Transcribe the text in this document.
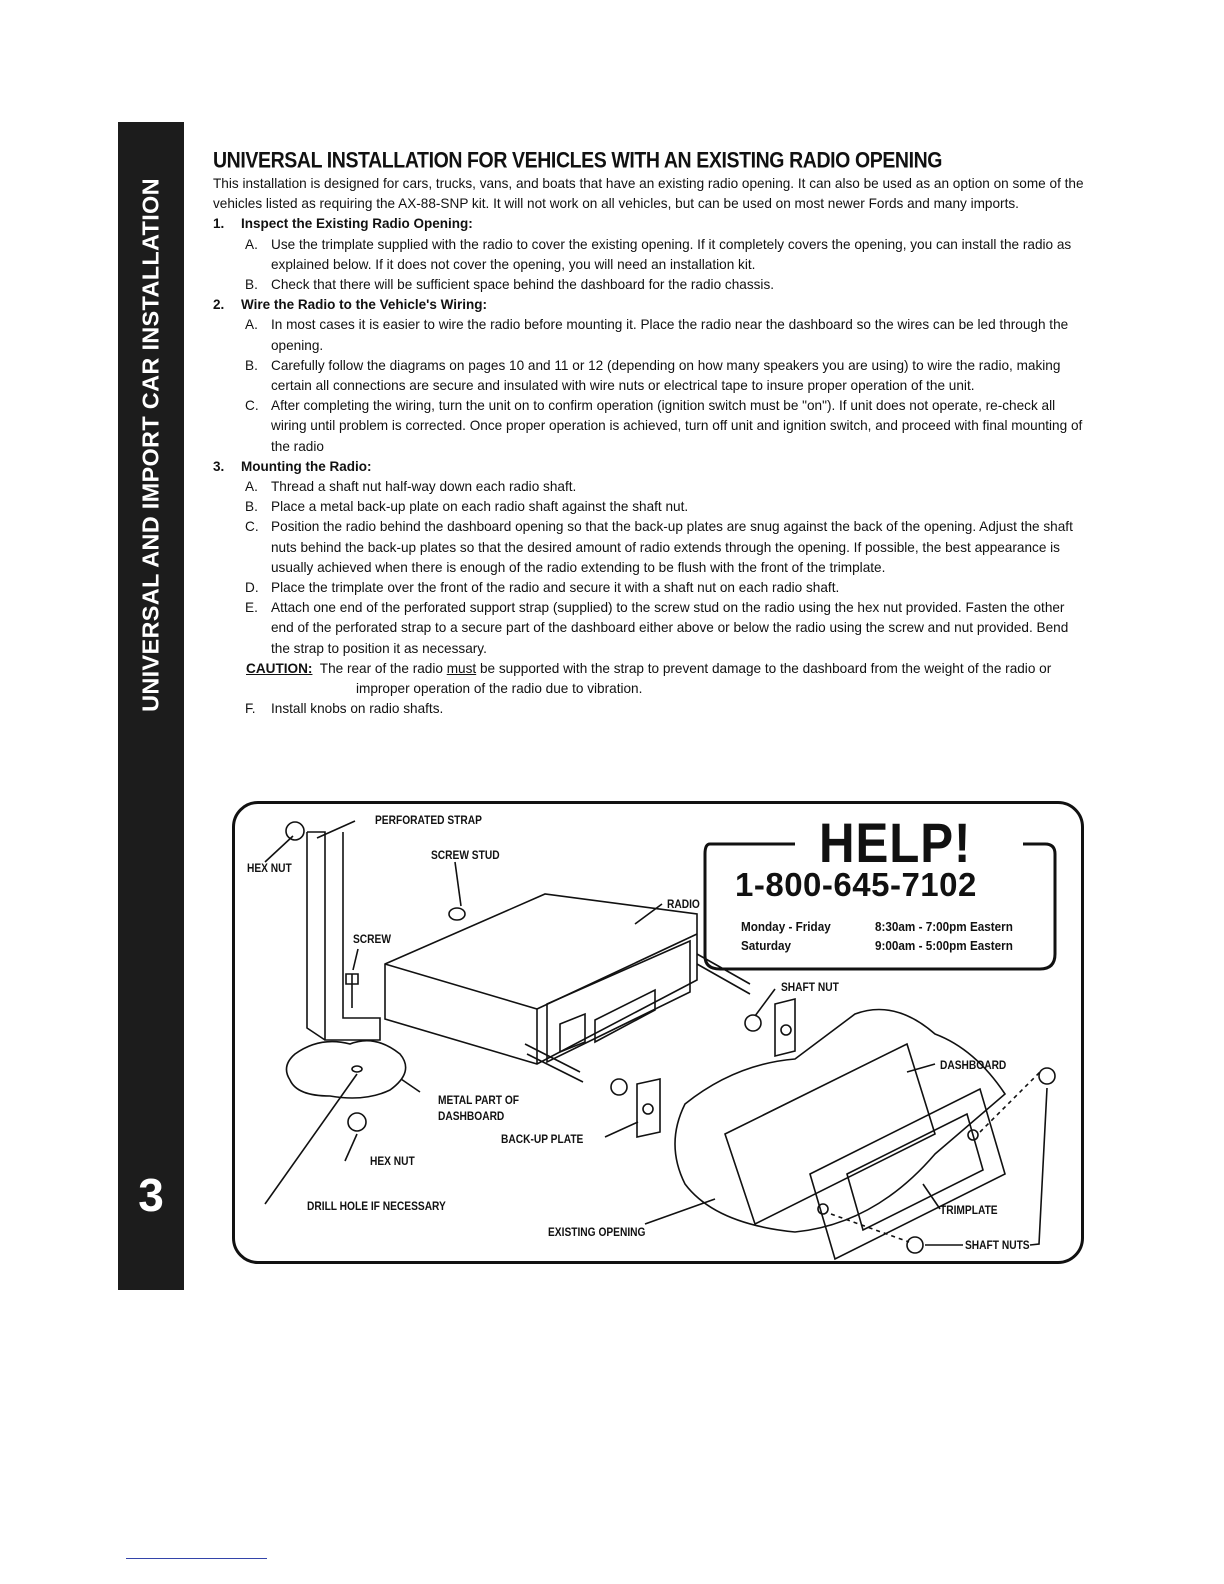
UNIVERSAL AND IMPORT CAR INSTALLATION
3
UNIVERSAL INSTALLATION FOR VEHICLES WITH AN EXISTING RADIO OPENING

This installation is designed for cars, trucks, vans, and boats that have an existing radio opening. It can also be used as an option on some of the vehicles listed as requiring the AX-88-SNP kit. It will not work on all vehicles, but can be used on most newer Fords and many imports.

1. Inspect the Existing Radio Opening:

A. Use the trimplate supplied with the radio to cover the existing opening. If it completely covers the opening, you can install the radio as explained below. If it does not cover the opening, you will need an installation kit.

B. Check that there will be sufficient space behind the dashboard for the radio chassis.

2. Wire the Radio to the Vehicle's Wiring:

A. In most cases it is easier to wire the radio before mounting it. Place the radio near the dashboard so the wires can be led through the opening.

B. Carefully follow the diagrams on pages 10 and 11 or 12 (depending on how many speakers you are using) to wire the radio, making certain all connections are secure and insulated with wire nuts or electrical tape to insure proper operation of the unit.

C. After completing the wiring, turn the unit on to confirm operation (ignition switch must be "on"). If unit does not operate, re-check all wiring until problem is corrected. Once proper operation is achieved, turn off unit and ignition switch, and proceed with final mounting of the radio

3. Mounting the Radio:

A. Thread a shaft nut half-way down each radio shaft.

B. Place a metal back-up plate on each radio shaft against the shaft nut.

C. Position the radio behind the dashboard opening so that the back-up plates are snug against the back of the opening. Adjust the shaft nuts behind the back-up plates so that the desired amount of radio extends through the opening. If possible, the best appearance is usually achieved when there is enough of the radio extending to be flush with the front of the trimplate.

D. Place the trimplate over the front of the radio and secure it with a shaft nut on each radio shaft.

E. Attach one end of the perforated support strap (supplied) to the screw stud on the radio using the hex nut provided. Fasten the other end of the perforated strap to a secure part of the dashboard either above or below the radio using the screw and nut provided. Bend the strap to position it as necessary.

CAUTION: The rear of the radio must be supported with the strap to prevent damage to the dashboard from the weight of the radio or improper operation of the radio due to vibration.

F. Install knobs on radio shafts.

PERFORATED STRAP
HEX NUT
SCREW STUD
RADIO
SCREW
SHAFT NUT
DASHBOARD
METAL PART OF DASHBOARD
BACK-UP PLATE
HEX NUT
DRILL HOLE IF NECESSARY
EXISTING OPENING
TRIMPLATE
SHAFT NUTS
HELP!
1-800-645-7102
Monday - Friday	8:30am - 7:00pm Eastern
Saturday	9:00am - 5:00pm Eastern
